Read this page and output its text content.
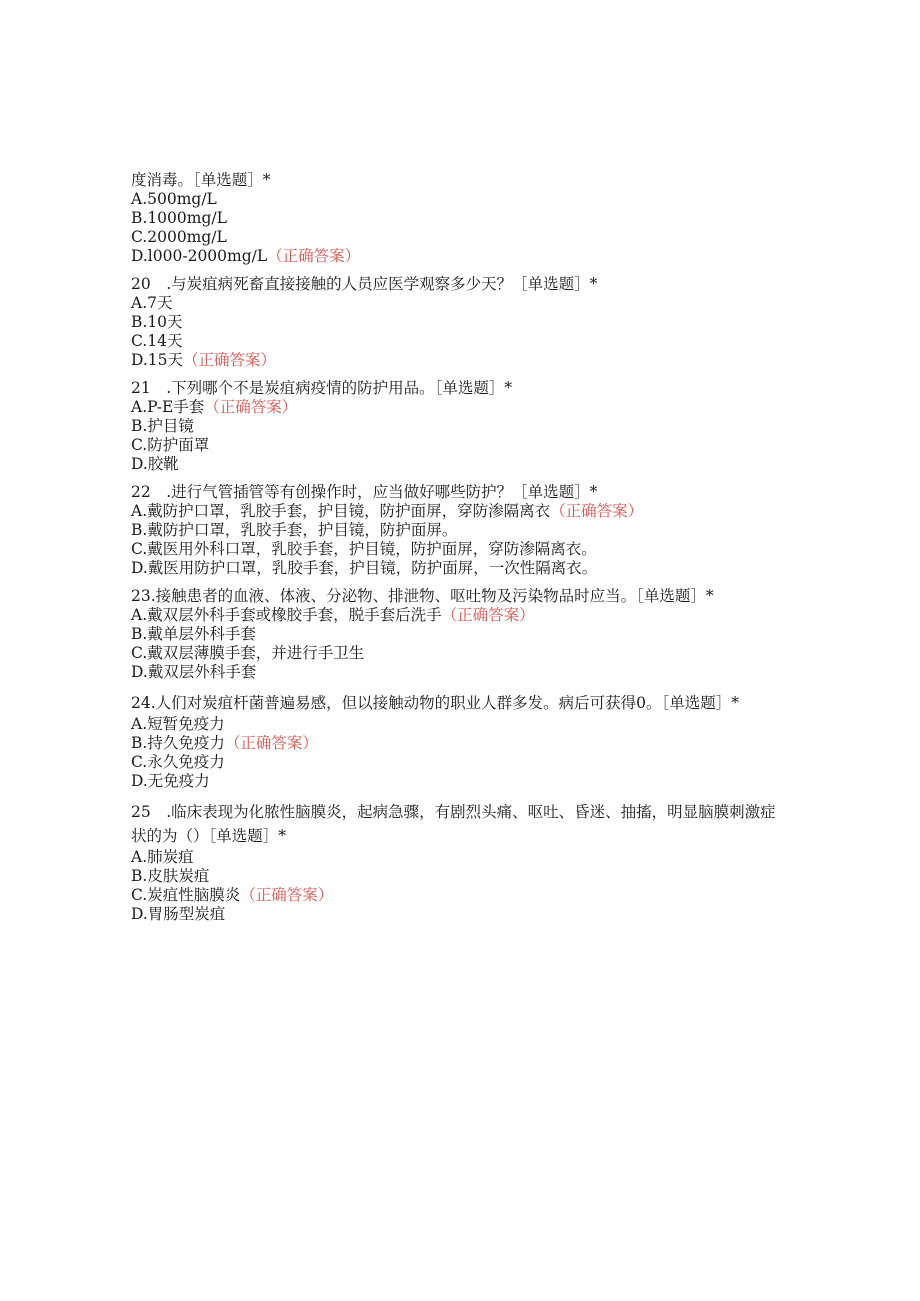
度消毒。［单选题］*
A.500mg∕L
B.1000mg∕L
C.2000mg∕L
D.l000-2000mg∕L（正确答案）
20　.与炭疽病死畜直接接触的人员应医学观察多少天？［单选题］*
A.7天
B.10天
C.14天
D.15天（正确答案）
21　.下列哪个不是炭疽病疫情的防护用品。［单选题］*
A.P-E手套（正确答案）
B.护目镜
C.防护面罩
D.胶靴
22　.进行气管插管等有创操作时，应当做好哪些防护？［单选题］*
A.戴防护口罩，乳胶手套，护目镜，防护面屏，穿防渗隔离衣（正确答案）
B.戴防护口罩，乳胶手套，护目镜，防护面屏。
C.戴医用外科口罩，乳胶手套，护目镜，防护面屏，穿防渗隔离衣。
D.戴医用防护口罩，乳胶手套，护目镜，防护面屏，一次性隔离衣。
23.接触患者的血液、体液、分泌物、排泄物、呕吐物及污染物品时应当。［单选题］*
A.戴双层外科手套或橡胶手套，脱手套后洗手（正确答案）
B.戴单层外科手套
C.戴双层薄膜手套，并进行手卫生
D.戴双层外科手套
24.人们对炭疽杆菌普遍易感，但以接触动物的职业人群多发。病后可获得0。［单选题］*
A.短暂免疫力
B.持久免疫力（正确答案）
C.永久免疫力
D.无免疫力
25　.临床表现为化脓性脑膜炎，起病急骤，有剧烈头痛、呕吐、昏迷、抽搐，明显脑膜刺激症状的为（）［单选题］*
A.肺炭疽
B.皮肤炭疽
C.炭疽性脑膜炎（正确答案）
D.胃肠型炭疽
